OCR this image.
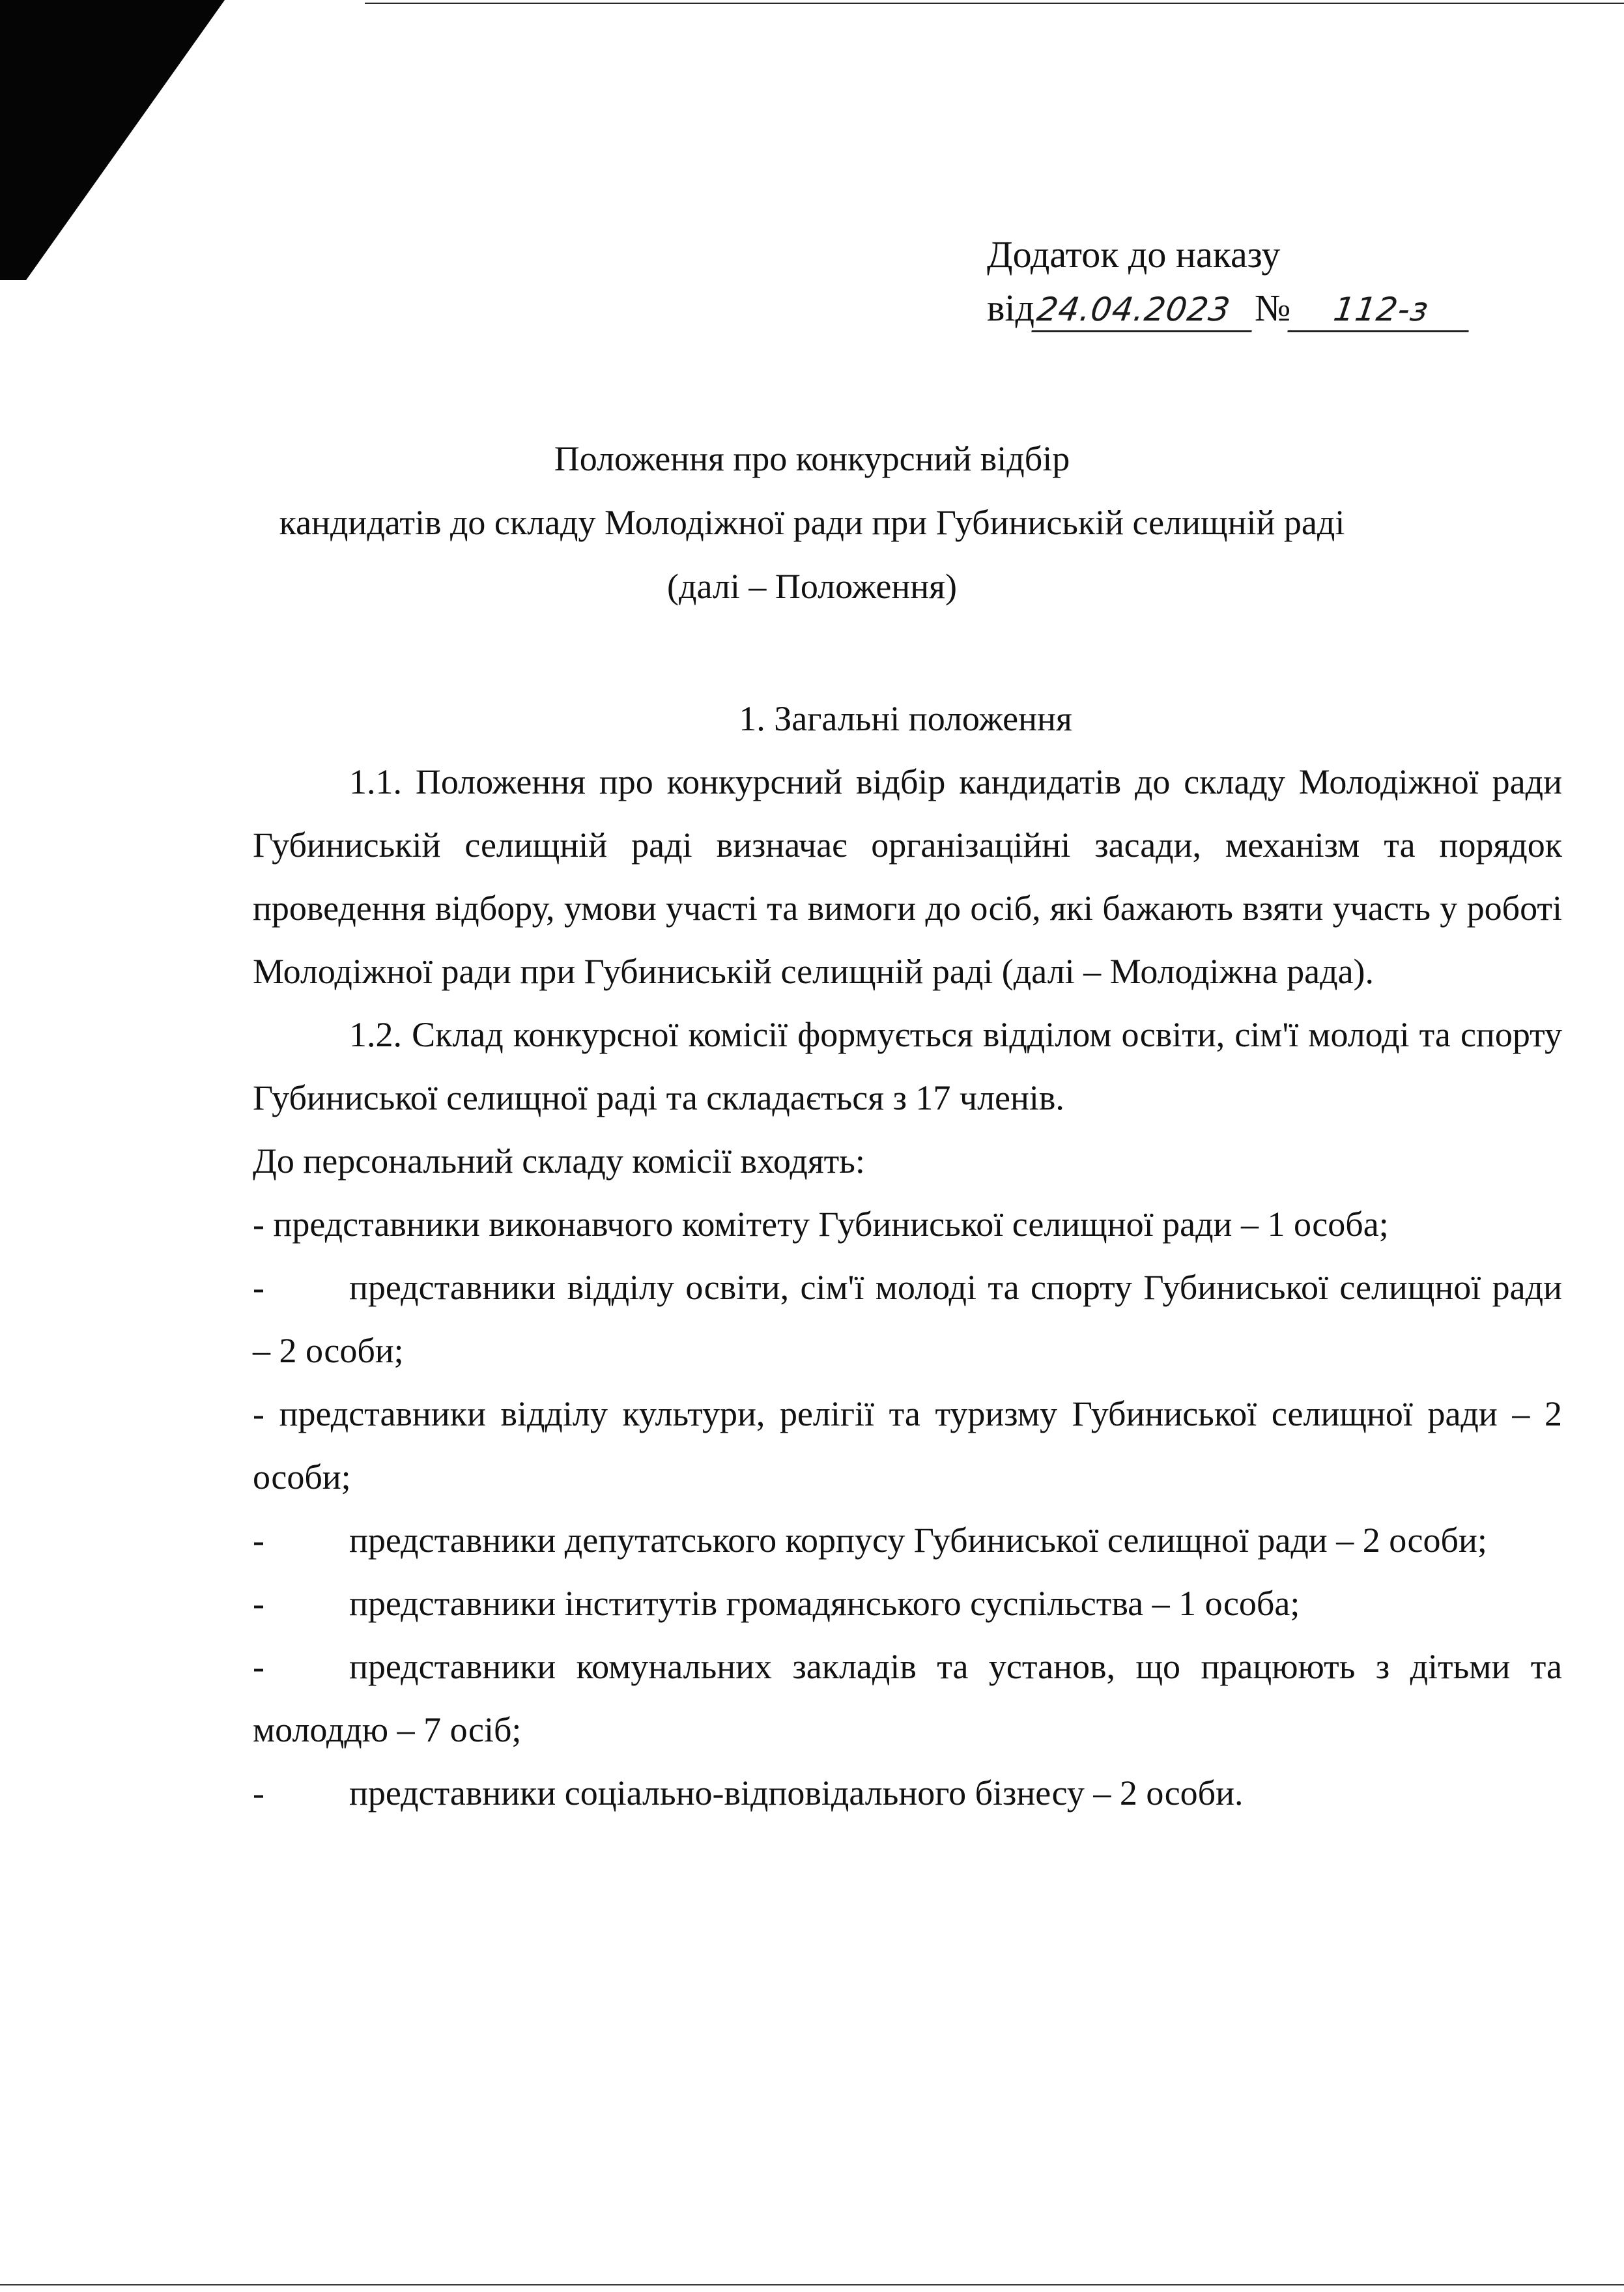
Додаток до наказу
від 24.04.2023 №	112-з
Положення про конкурсний відбір
кандидатів до складу Молодіжної ради при Губиниській селищній раді
(далі – Положення)
1. Загальні положення

1.1. Положення про конкурсний відбір кандидатів до складу Молодіжної ради Губиниській селищній раді визначає організаційні засади, механізм та порядок проведення відбору, умови участі та вимоги до осіб, які бажають взяти участь у роботі Молодіжної ради при Губиниській селищній раді (далі – Молодіжна рада).

1.2. Склад конкурсної комісії формується відділом освіти, сім'ї молоді та спорту Губиниської селищної раді та складається з 17 членів.

До персональний складу комісії входять:

- представники виконавчого комітету Губиниської селищної ради – 1 особа;

- представники відділу освіти, сім'ї молоді та спорту Губиниської селищної ради – 2 особи;

- представники відділу культури, релігії та туризму Губиниської селищної ради – 2 особи;

- представники депутатського корпусу Губиниської селищної ради – 2 особи;

- представники інститутів громадянського суспільства – 1 особа;

- представники комунальних закладів та установ, що працюють з дітьми та молоддю – 7 осіб;

- представники соціально-відповідального бізнесу – 2 особи.
